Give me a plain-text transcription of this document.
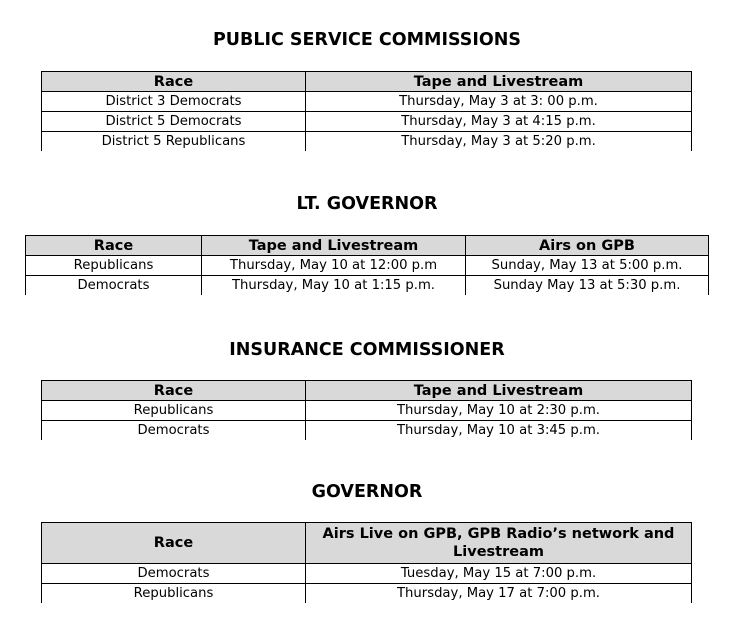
PUBLIC SERVICE COMMISSIONS
Race	Tape and Livestream
District 3 Democrats	Thursday, May 3 at 3: 00 p.m.
District 5 Democrats	Thursday, May 3 at 4:15 p.m.
District 5 Republicans	Thursday, May 3 at 5:20 p.m.
LT. GOVERNOR
Race	Tape and Livestream	Airs on GPB
Republicans	Thursday, May 10 at 12:00 p.m	Sunday, May 13 at 5:00 p.m.
Democrats	Thursday, May 10 at 1:15 p.m.	Sunday May 13 at 5:30 p.m.
INSURANCE COMMISSIONER
Race	Tape and Livestream
Republicans	Thursday, May 10 at 2:30 p.m.
Democrats	Thursday, May 10 at 3:45 p.m.
GOVERNOR
Race	Airs Live on GPB, GPB Radio’s network and Livestream
Democrats	Tuesday, May 15 at 7:00 p.m.
Republicans	Thursday, May 17 at 7:00 p.m.
